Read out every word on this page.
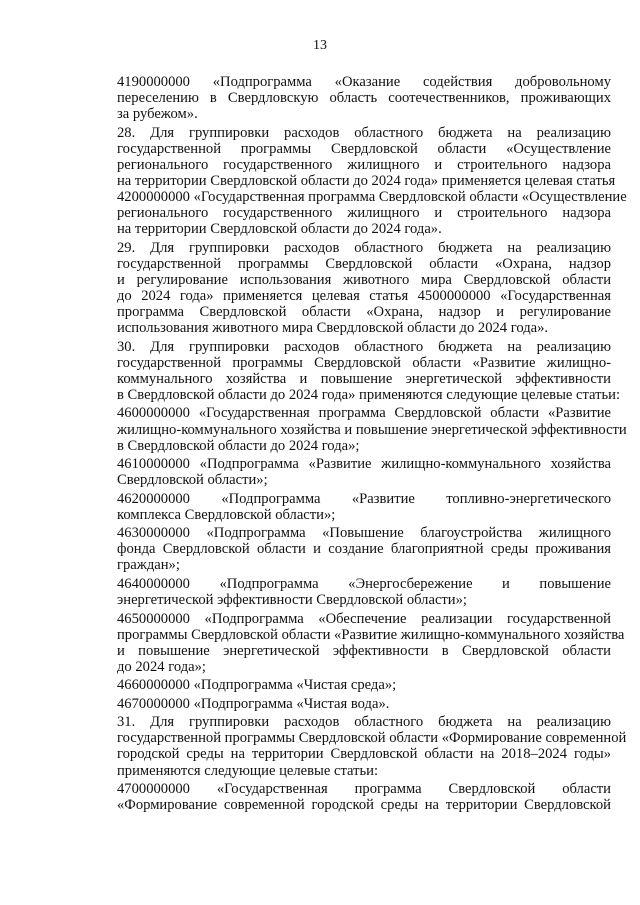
13

4190000000 «Подпрограмма «Оказание содействия добровольному
переселению в Свердловскую область соотечественников, проживающих
за рубежом».

28. Для группировки расходов областного бюджета на реализацию
государственной программы Свердловской области «Осуществление
регионального государственного жилищного и строительного надзора
на территории Свердловской области до 2024 года» применяется целевая статья
4200000000 «Государственная программа Свердловской области «Осуществление
регионального государственного жилищного и строительного надзора
на территории Свердловской области до 2024 года».

29. Для группировки расходов областного бюджета на реализацию
государственной программы Свердловской области «Охрана, надзор
и регулирование использования животного мира Свердловской области
до 2024 года» применяется целевая статья 4500000000 «Государственная
программа Свердловской области «Охрана, надзор и регулирование
использования животного мира Свердловской области до 2024 года».

30. Для группировки расходов областного бюджета на реализацию
государственной программы Свердловской области «Развитие жилищно-
коммунального хозяйства и повышение энергетической эффективности
в Свердловской области до 2024 года» применяются следующие целевые статьи:

4600000000 «Государственная программа Свердловской области «Развитие
жилищно-коммунального хозяйства и повышение энергетической эффективности
в Свердловской области до 2024 года»;

4610000000 «Подпрограмма «Развитие жилищно-коммунального хозяйства
Свердловской области»;

4620000000 «Подпрограмма «Развитие топливно-энергетического
комплекса Свердловской области»;

4630000000 «Подпрограмма «Повышение благоустройства жилищного
фонда Свердловской области и создание благоприятной среды проживания
граждан»;

4640000000 «Подпрограмма «Энергосбережение и повышение
энергетической эффективности Свердловской области»;

4650000000 «Подпрограмма «Обеспечение реализации государственной
программы Свердловской области «Развитие жилищно-коммунального хозяйства
и повышение энергетической эффективности в Свердловской области
до 2024 года»;

4660000000 «Подпрограмма «Чистая среда»;

4670000000 «Подпрограмма «Чистая вода».

31. Для группировки расходов областного бюджета на реализацию
государственной программы Свердловской области «Формирование современной
городской среды на территории Свердловской области на 2018–2024 годы»
применяются следующие целевые статьи:

4700000000 «Государственная программа Свердловской области
«Формирование современной городской среды на территории Свердловской
